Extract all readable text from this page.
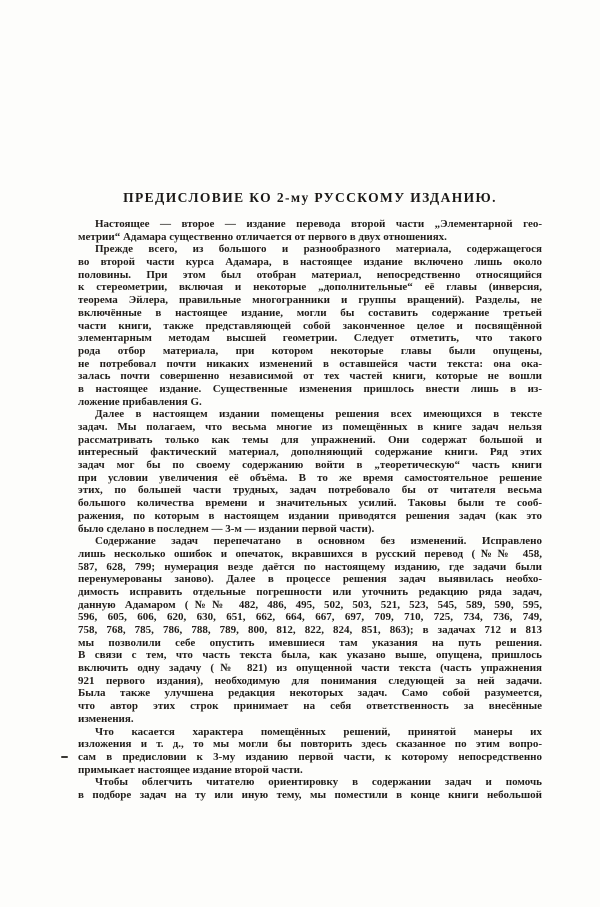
ПРЕДИСЛОВИЕ КО 2-му РУССКОМУ ИЗДАНИЮ.
Настоящее — второе — издание перевода второй части „Элементарной гео-
метрии“ Адамара существенно отличается от первого в двух отношениях.
Прежде всего, из большого и разнообразного материала, содержащегося
во второй части курса Адамара, в настоящее издание включено лишь около
половины. При этом был отобран материал, непосредственно относящийся
к стереометрии, включая и некоторые „дополнительные“ её главы (инверсия,
теорема Эйлера, правильные многогранники и группы вращений). Разделы, не
включённые в настоящее издание, могли бы составить содержание третьей
части книги, также представляющей собой законченное целое и посвящённой
элементарным методам высшей геометрии. Следует отметить, что такого
рода отбор материала, при котором некоторые главы были опущены,
не потребовал почти никаких изменений в оставшейся части текста: она ока-
залась почти совершенно независимой от тех частей книги, которые не вошли
в настоящее издание. Существенные изменения пришлось внести лишь в из-
ложение прибавления G.
Далее в настоящем издании помещены решения всех имеющихся в тексте
задач. Мы полагаем, что весьма многие из помещённых в книге задач нельзя
рассматривать только как темы для упражнений. Они содержат большой и
интересный фактический материал, дополняющий содержание книги. Ряд этих
задач мог бы по своему содержанию войти в „теоретическую“ часть книги
при условии увеличения её объёма. В то же время самостоятельное решение
этих, по большей части трудных, задач потребовало бы от читателя весьма
большого количества времени и значительных усилий. Таковы были те сооб-
ражения, по которым в настоящем издании приводятся решения задач (как это
было сделано в последнем — 3-м — издании первой части).
Содержание задач перепечатано в основном без изменений. Исправлено
лишь несколько ошибок и опечаток, вкравшихся в русский перевод (№№ 458,
587, 628, 799; нумерация везде даётся по настоящему изданию, где задачи были
перенумерованы заново). Далее в процессе решения задач выявилась необхо-
димость исправить отдельные погрешности или уточнить редакцию ряда задач,
данную Адамаром (№№ 482, 486, 495, 502, 503, 521, 523, 545, 589, 590, 595,
596, 605, 606, 620, 630, 651, 662, 664, 667, 697, 709, 710, 725, 734, 736, 749,
758, 768, 785, 786, 788, 789, 800, 812, 822, 824, 851, 863); в задачах 712 и 813
мы позволили себе опустить имевшиеся там указания на путь решения.
В связи с тем, что часть текста была, как указано выше, опущена, пришлось
включить одну задачу (№ 821) из опущенной части текста (часть упражнения
921 первого издания), необходимую для понимания следующей за ней задачи.
Была также улучшена редакция некоторых задач. Само собой разумеется,
что автор этих строк принимает на себя ответственность за внесённые
изменения.
Что касается характера помещённых решений, принятой манеры их
изложения и т. д., то мы могли бы повторить здесь сказанное по этим вопро-
сам в предисловии к 3-му изданию первой части, к которому непосредственно
примыкает настоящее издание второй части.
Чтобы облегчить читателю ориентировку в содержании задач и помочь
в подборе задач на ту или иную тему, мы поместили в конце книги небольшой
